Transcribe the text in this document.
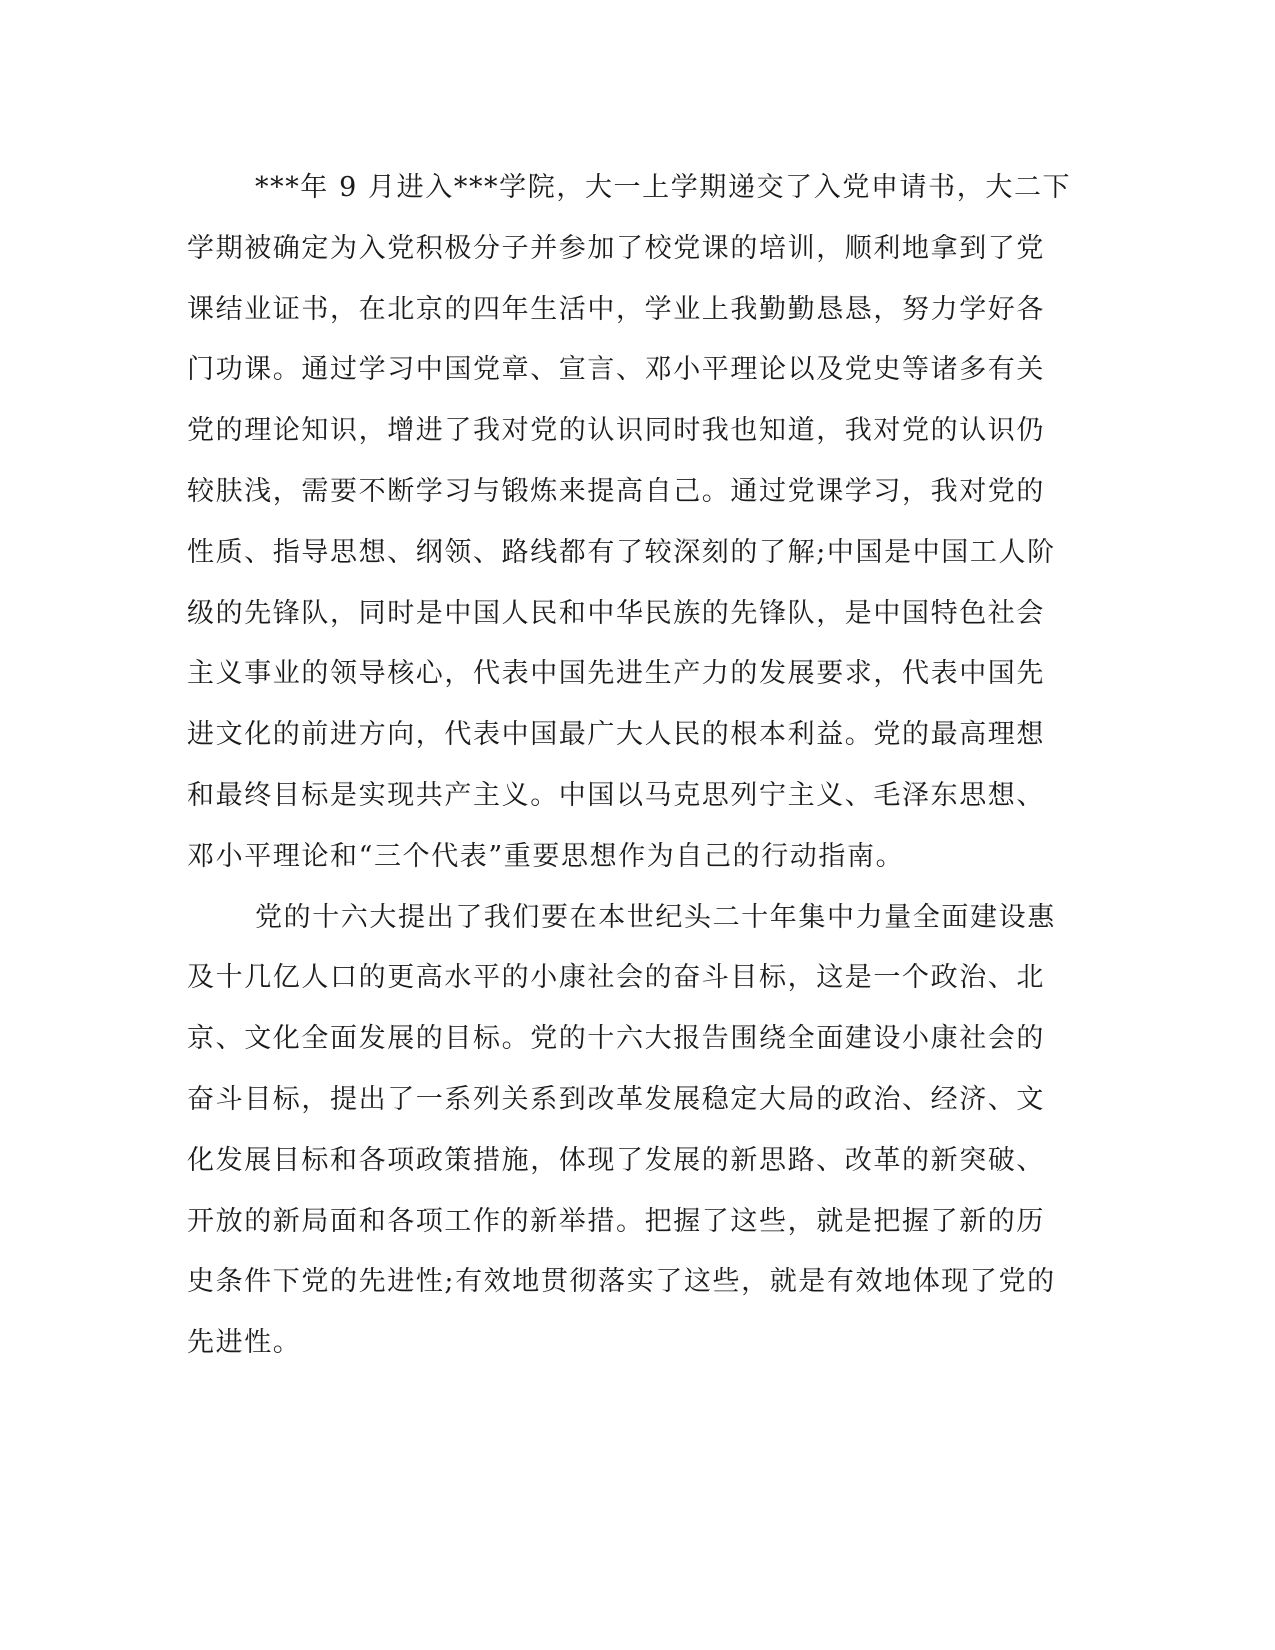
***年 9 月进入***学院，大一上学期递交了入党申请书，大二下
学期被确定为入党积极分子并参加了校党课的培训，顺利地拿到了党
课结业证书，在北京的四年生活中，学业上我勤勤恳恳，努力学好各
门功课。通过学习中国党章、宣言、邓小平理论以及党史等诸多有关
党的理论知识，增进了我对党的认识同时我也知道，我对党的认识仍
较肤浅，需要不断学习与锻炼来提高自己。通过党课学习，我对党的
性质、指导思想、纲领、路线都有了较深刻的了解;中国是中国工人阶
级的先锋队，同时是中国人民和中华民族的先锋队，是中国特色社会
主义事业的领导核心，代表中国先进生产力的发展要求，代表中国先
进文化的前进方向，代表中国最广大人民的根本利益。党的最高理想
和最终目标是实现共产主义。中国以马克思列宁主义、毛泽东思想、
邓小平理论和“三个代表”重要思想作为自己的行动指南。
党的十六大提出了我们要在本世纪头二十年集中力量全面建设惠
及十几亿人口的更高水平的小康社会的奋斗目标，这是一个政治、北
京、文化全面发展的目标。党的十六大报告围绕全面建设小康社会的
奋斗目标，提出了一系列关系到改革发展稳定大局的政治、经济、文
化发展目标和各项政策措施，体现了发展的新思路、改革的新突破、
开放的新局面和各项工作的新举措。把握了这些，就是把握了新的历
史条件下党的先进性;有效地贯彻落实了这些，就是有效地体现了党的
先进性。
